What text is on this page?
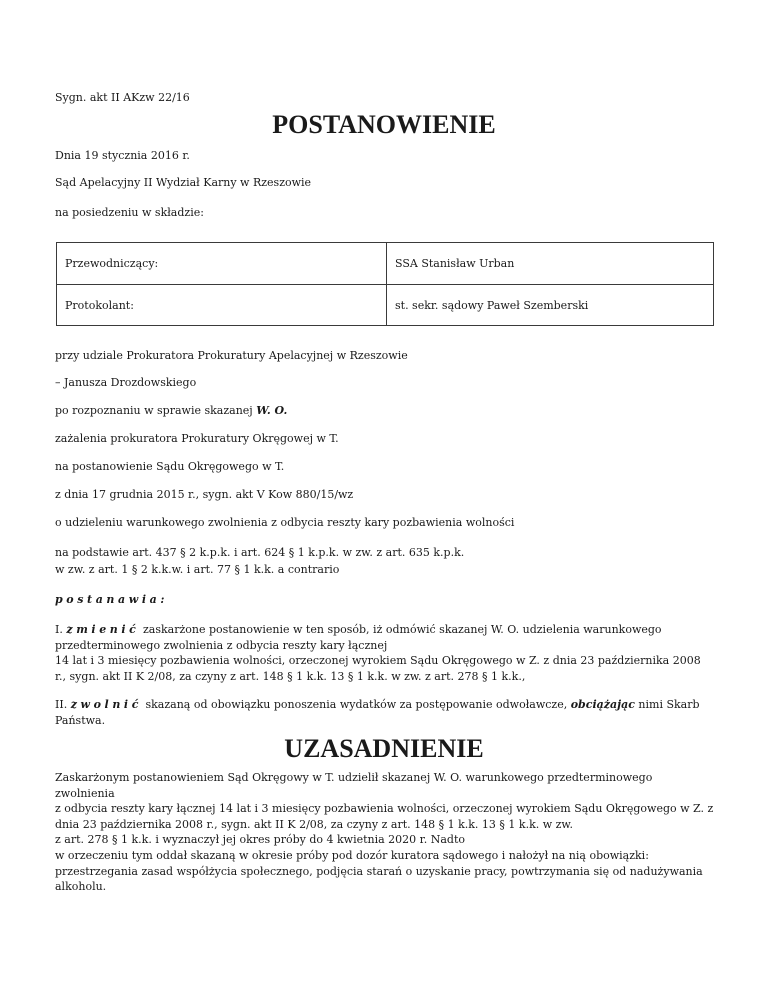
Sygn. akt II AKzw 22/16

POSTANOWIENIE

Dnia 19 stycznia 2016 r.

Sąd Apelacyjny II Wydział Karny w Rzeszowie

na posiedzeniu w składzie:

Przewodniczący:	SSA Stanisław Urban
Protokolant:	st. sekr. sądowy Paweł Szemberski

przy udziale Prokuratora Prokuratury Apelacyjnej w Rzeszowie

– Janusza Drozdowskiego

po rozpoznaniu w sprawie skazanej W. O.

zażalenia prokuratora Prokuratury Okręgowej w T.

na postanowienie Sądu Okręgowego w T.

z dnia 17 grudnia 2015 r., sygn. akt V Kow 880/15/wz

o udzieleniu warunkowego zwolnienia z odbycia reszty kary pozbawienia wolności

na podstawie art. 437 § 2 k.p.k. i art. 624 § 1 k.p.k. w zw. z art. 635 k.p.k.

w zw. z art. 1 § 2 k.k.w. i art. 77 § 1 k.k. a contrario

postanawia:

I. zmienić zaskarżone postanowienie w ten sposób, iż odmówić skazanej W. O. udzielenia warunkowego
przedterminowego zwolnienia z odbycia reszty kary łącznej
14 lat i 3 miesięcy pozbawienia wolności, orzeczonej wyrokiem Sądu Okręgowego w Z. z dnia 23 października 2008
r., sygn. akt II K 2/08, za czyny z art. 148 § 1 k.k. 13 § 1 k.k. w zw. z art. 278 § 1 k.k.,
II. zwolnić skazaną od obowiązku ponoszenia wydatków za postępowanie odwoławcze, obciążając nimi Skarb
Państwa.
UZASADNIENIE
Zaskarżonym postanowieniem Sąd Okręgowy w T. udzielił skazanej W. O. warunkowego przedterminowego
zwolnienia
z odbycia reszty kary łącznej 14 lat i 3 miesięcy pozbawienia wolności, orzeczonej wyrokiem Sądu Okręgowego w Z. z
dnia 23 października 2008 r., sygn. akt II K 2/08, za czyny z art. 148 § 1 k.k. 13 § 1 k.k. w zw.
z art. 278 § 1 k.k. i wyznaczył jej okres próby do 4 kwietnia 2020 r. Nadto
w orzeczeniu tym oddał skazaną w okresie próby pod dozór kuratora sądowego i nałożył na nią obowiązki:
przestrzegania zasad współżycia społecznego, podjęcia starań o uzyskanie pracy, powtrzymania się od nadużywania
alkoholu.
